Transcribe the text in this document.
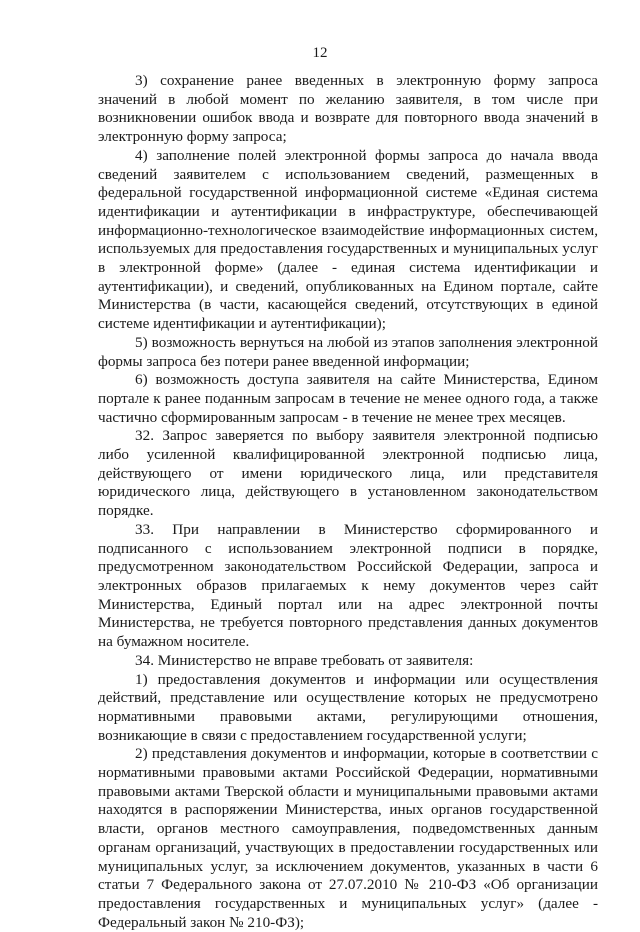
12

3) сохранение ранее введенных в электронную форму запроса значений в любой момент по желанию заявителя, в том числе при возникновении ошибок ввода и возврате для повторного ввода значений в электронную форму запроса;

4) заполнение полей электронной формы запроса до начала ввода сведений заявителем с использованием сведений, размещенных в федеральной государственной информационной системе «Единая система идентификации и аутентификации в инфраструктуре, обеспечивающей информационно-технологическое взаимодействие информационных систем, используемых для предоставления государственных и муниципальных услуг в электронной форме» (далее - единая система идентификации и аутентификации), и сведений, опубликованных на Едином портале, сайте Министерства (в части, касающейся сведений, отсутствующих в единой системе идентификации и аутентификации);

5) возможность вернуться на любой из этапов заполнения электронной формы запроса без потери ранее введенной информации;

6) возможность доступа заявителя на сайте Министерства, Едином портале к ранее поданным запросам в течение не менее одного года, а также частично сформированным запросам - в течение не менее трех месяцев.

32. Запрос заверяется по выбору заявителя электронной подписью либо усиленной квалифицированной электронной подписью лица, действующего от имени юридического лица, или представителя юридического лица, действующего в установленном законодательством порядке.

33. При направлении в Министерство сформированного и подписанного с использованием электронной подписи в порядке, предусмотренном законодательством Российской Федерации, запроса и электронных образов прилагаемых к нему документов через сайт Министерства, Единый портал или на адрес электронной почты Министерства, не требуется повторного представления данных документов на бумажном носителе.

34. Министерство не вправе требовать от заявителя:

1) предоставления документов и информации или осуществления действий, представление или осуществление которых не предусмотрено нормативными правовыми актами, регулирующими отношения, возникающие в связи с предоставлением государственной услуги;

2) представления документов и информации, которые в соответствии с нормативными правовыми актами Российской Федерации, нормативными правовыми актами Тверской области и муниципальными правовыми актами находятся в распоряжении Министерства, иных органов государственной власти, органов местного самоуправления, подведомственных данным органам организаций, участвующих в предоставлении государственных или муниципальных услуг, за исключением документов, указанных в части 6 статьи 7 Федерального закона от 27.07.2010 № 210-ФЗ «Об организации предоставления государственных и муниципальных услуг» (далее - Федеральный закон № 210-ФЗ);
